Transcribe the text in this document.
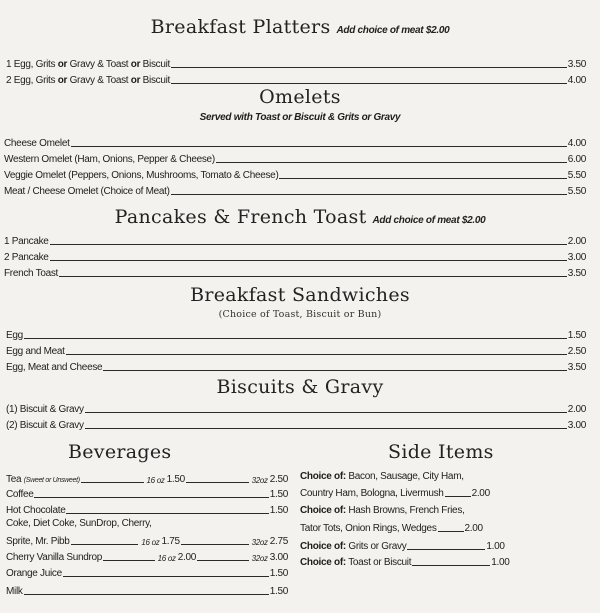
Breakfast Platters Add choice of meat $2.00
1 Egg, Grits or Gravy & Toast or Biscuit	3.50
2 Egg, Grits or Gravy & Toast or Biscuit	4.00
Omelets
Served with Toast or Biscuit & Grits or Gravy
Cheese Omelet	4.00
Western Omelet (Ham, Onions, Pepper & Cheese)	6.00
Veggie Omelet (Peppers, Onions, Mushrooms, Tomato & Cheese)	5.50
Meat / Cheese Omelet (Choice of Meat)	5.50
Pancakes & French Toast Add choice of meat $2.00
1 Pancake	2.00
2 Pancake	3.00
French Toast	3.50
Breakfast Sandwiches
(Choice of Toast, Biscuit or Bun)
Egg	1.50
Egg and Meat	2.50
Egg, Meat and Cheese	3.50
Biscuits & Gravy
(1) Biscuit & Gravy	2.00
(2) Biscuit & Gravy	3.00
Beverages
Tea (Sweet or Unsweet)	16 oz 1.50	32oz 2.50
Coffee	1.50
Hot Chocolate	1.50
Coke, Diet Coke, SunDrop, Cherry,
Sprite, Mr. Pibb	16 oz 1.75	32oz 2.75
Cherry Vanilla Sundrop	16 oz 2.00	32oz 3.00
Orange Juice	1.50
Milk	1.50
Side Items
Choice of: Bacon, Sausage, City Ham,
Country Ham, Bologna, Livermush	2.00
Choice of: Hash Browns, French Fries,
Tator Tots, Onion Rings, Wedges	2.00
Choice of: Grits or Gravy	1.00
Choice of: Toast or Biscuit	1.00
